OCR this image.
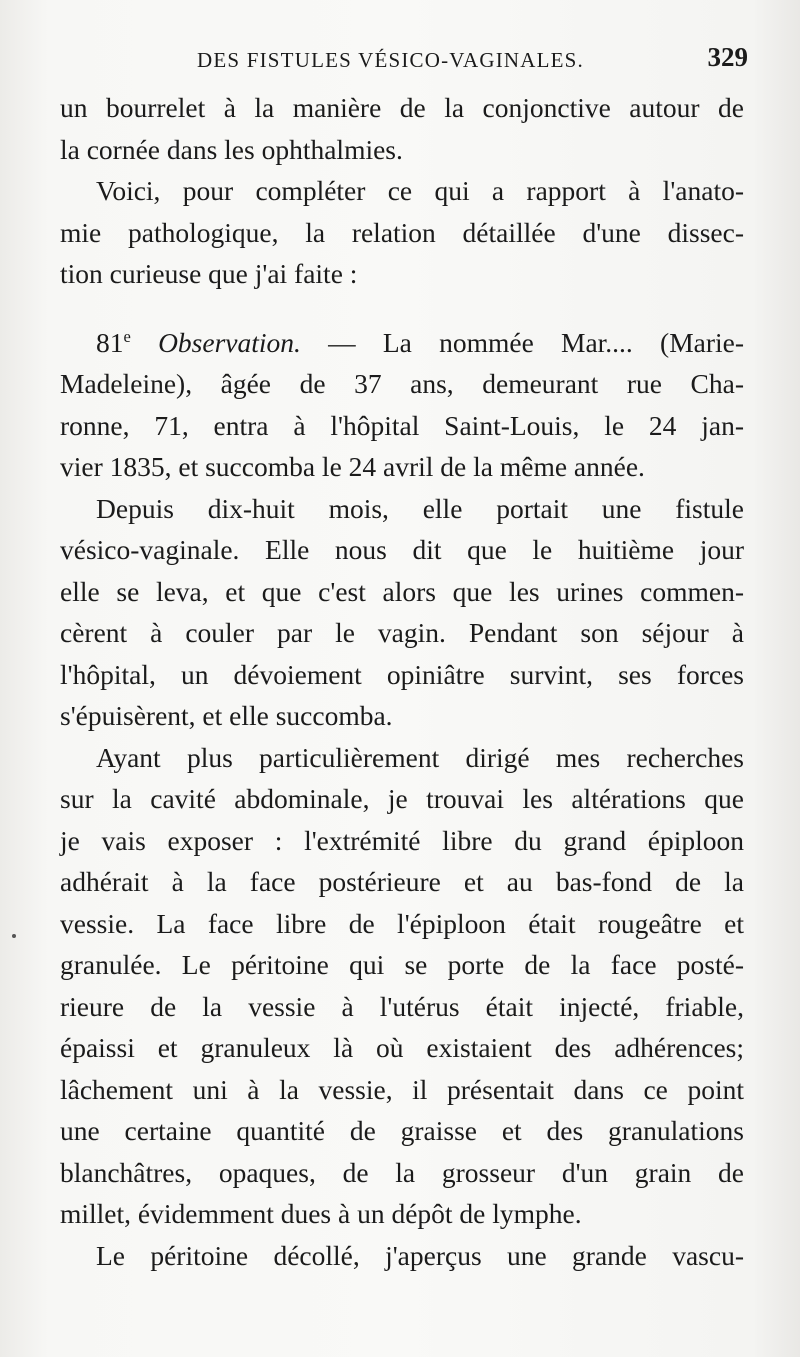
DES FISTULES VÉSICO-VAGINALES.	329
un bourrelet à la manière de la conjonctive autour de
la cornée dans les ophthalmies.
Voici, pour compléter ce qui a rapport à l'anato-
mie pathologique, la relation détaillée d'une dissec-
tion curieuse que j'ai faite :
81e Observation. — La nommée Mar.... (Marie-
Madeleine), âgée de 37 ans, demeurant rue Cha-
ronne, 71, entra à l'hôpital Saint-Louis, le 24 jan-
vier 1835, et succomba le 24 avril de la même année.
Depuis dix-huit mois, elle portait une fistule
vésico-vaginale. Elle nous dit que le huitième jour
elle se leva, et que c'est alors que les urines commen-
cèrent à couler par le vagin. Pendant son séjour à
l'hôpital, un dévoiement opiniâtre survint, ses forces
s'épuisèrent, et elle succomba.
Ayant plus particulièrement dirigé mes recherches
sur la cavité abdominale, je trouvai les altérations que
je vais exposer : l'extrémité libre du grand épiploon
adhérait à la face postérieure et au bas-fond de la
vessie. La face libre de l'épiploon était rougeâtre et
granulée. Le péritoine qui se porte de la face posté-
rieure de la vessie à l'utérus était injecté, friable,
épaissi et granuleux là où existaient des adhérences;
lâchement uni à la vessie, il présentait dans ce point
une certaine quantité de graisse et des granulations
blanchâtres, opaques, de la grosseur d'un grain de
millet, évidemment dues à un dépôt de lymphe.
Le péritoine décollé, j'aperçus une grande vascu-
